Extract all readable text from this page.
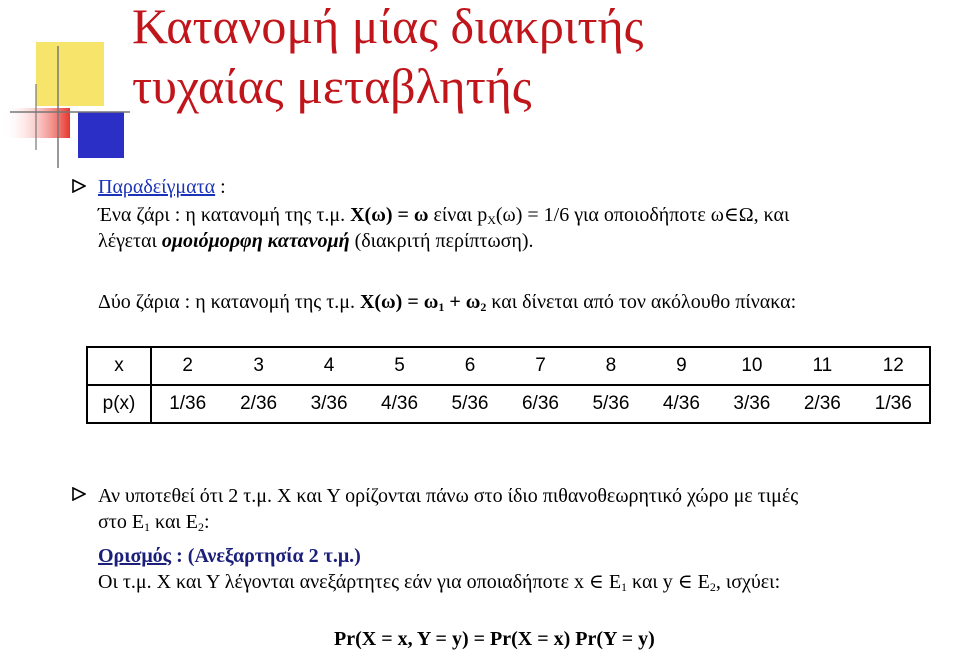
Κατανομή μίας διακριτής
τυχαίας μεταβλητής
Παραδείγματα :
Ένα ζάρι : η κατανομή της τ.μ. Χ(ω) = ω είναι $p_X(\omega) = 1/6$ για οποιοδήποτε ω∈Ω, και
λέγεται ομοιόμορφη κατανομή (διακριτή περίπτωση).
Δύο ζάρια : η κατανομή της τ.μ. $X(\omega) = \omega_1 + \omega_2$ και δίνεται από τον ακόλουθο πίνακα:
x	2	3	4	5	6	7	8	9	10	11	12
p(x)	1/36	2/36	3/36	4/36	5/36	6/36	5/36	4/36	3/36	2/36	1/36
Αν υποτεθεί ότι 2 τ.μ. Χ και Υ ορίζονται πάνω στο ίδιο πιθανοθεωρητικό χώρο με τιμές
στο $E_1$ και $E_2$:
Ορισμός : (Ανεξαρτησία 2 τ.μ.)
Οι τ.μ. Χ και Υ λέγονται ανεξάρτητες εάν για οποιαδήποτε x ∈ $E_1$ και y ∈ $E_2$, ισχύει:
Pr(X = x, Y = y) = Pr(X = x) Pr(Y = y)
